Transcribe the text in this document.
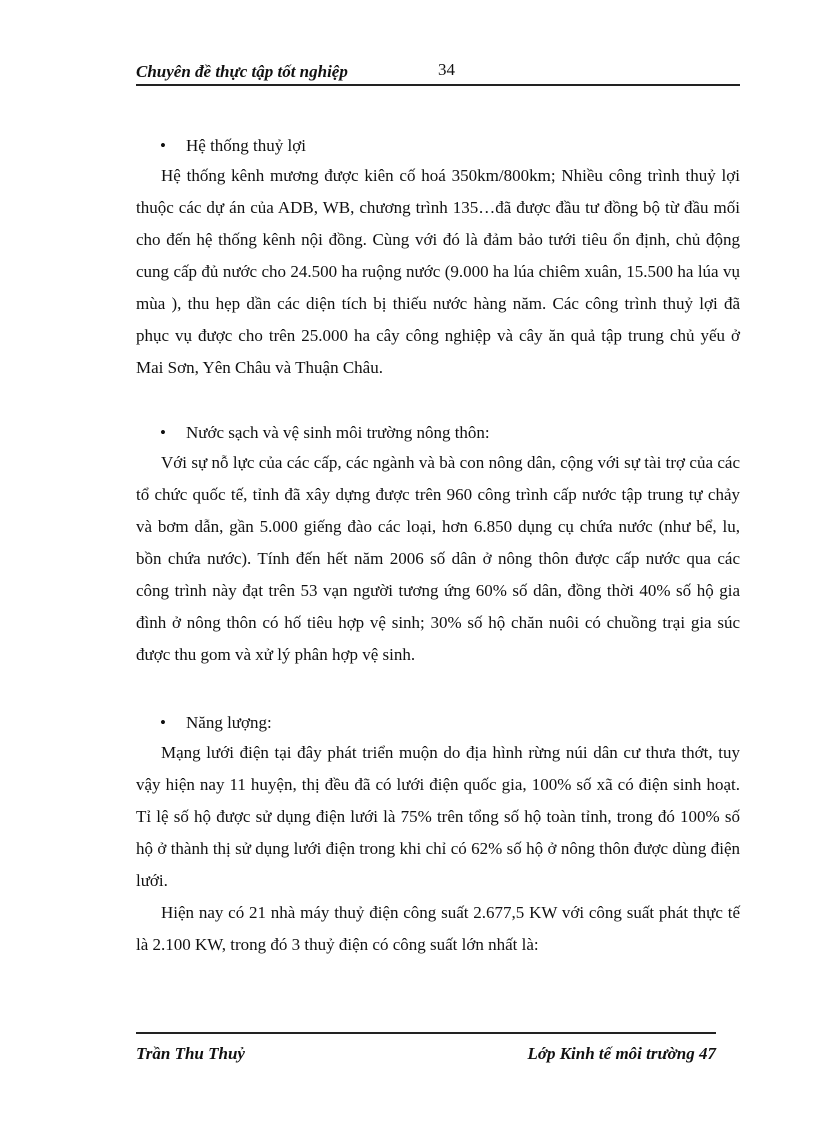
Chuyên đề thực tập tốt nghiệp	34
• Hệ thống thuỷ lợi

Hệ thống kênh mương được kiên cố hoá 350km/800km; Nhiều công trình thuỷ lợi thuộc các dự án của ADB, WB, chương trình 135…đã được đầu tư đồng bộ từ đầu mối cho đến hệ thống kênh nội đồng. Cùng với đó là đảm bảo tưới tiêu ổn định, chủ động cung cấp đủ nước cho 24.500 ha ruộng nước (9.000 ha lúa chiêm xuân, 15.500 ha lúa vụ mùa ), thu hẹp dần các diện tích bị thiếu nước hàng năm. Các công trình thuỷ lợi đã phục vụ được cho trên 25.000 ha cây công nghiệp và cây ăn quả tập trung chủ yếu ở Mai Sơn, Yên Châu và Thuận Châu.

• Nước sạch và vệ sinh môi trường nông thôn:

Với sự nỗ lực của các cấp, các ngành và bà con nông dân, cộng với sự tài trợ của các tổ chức quốc tế, tỉnh đã xây dựng được trên 960 công trình cấp nước tập trung tự chảy và bơm dẫn, gần 5.000 giếng đào các loại, hơn 6.850 dụng cụ chứa nước (như bể, lu, bồn chứa nước). Tính đến hết năm 2006 số dân ở nông thôn được cấp nước qua các công trình này đạt trên 53 vạn người tương ứng 60% số dân, đồng thời 40% số hộ gia đình ở nông thôn có hố tiêu hợp vệ sinh; 30% số hộ chăn nuôi có chuồng trại gia súc được thu gom và xử lý phân hợp vệ sinh.

• Năng lượng:

Mạng lưới điện tại đây phát triển muộn do địa hình rừng núi dân cư thưa thớt, tuy vậy hiện nay 11 huyện, thị đều đã có lưới điện quốc gia, 100% số xã có điện sinh hoạt. Tỉ lệ số hộ được sử dụng điện lưới là 75% trên tổng số hộ toàn tỉnh, trong đó 100% số hộ ở thành thị sử dụng lưới điện trong khi chỉ có 62% số hộ ở nông thôn được dùng điện lưới.

Hiện nay có 21 nhà máy thuỷ điện công suất 2.677,5 KW với công suất phát thực tế là 2.100 KW, trong đó 3 thuỷ điện có công suất lớn nhất là:

Trần Thu Thuỷ	Lớp Kinh tế môi trường 47
